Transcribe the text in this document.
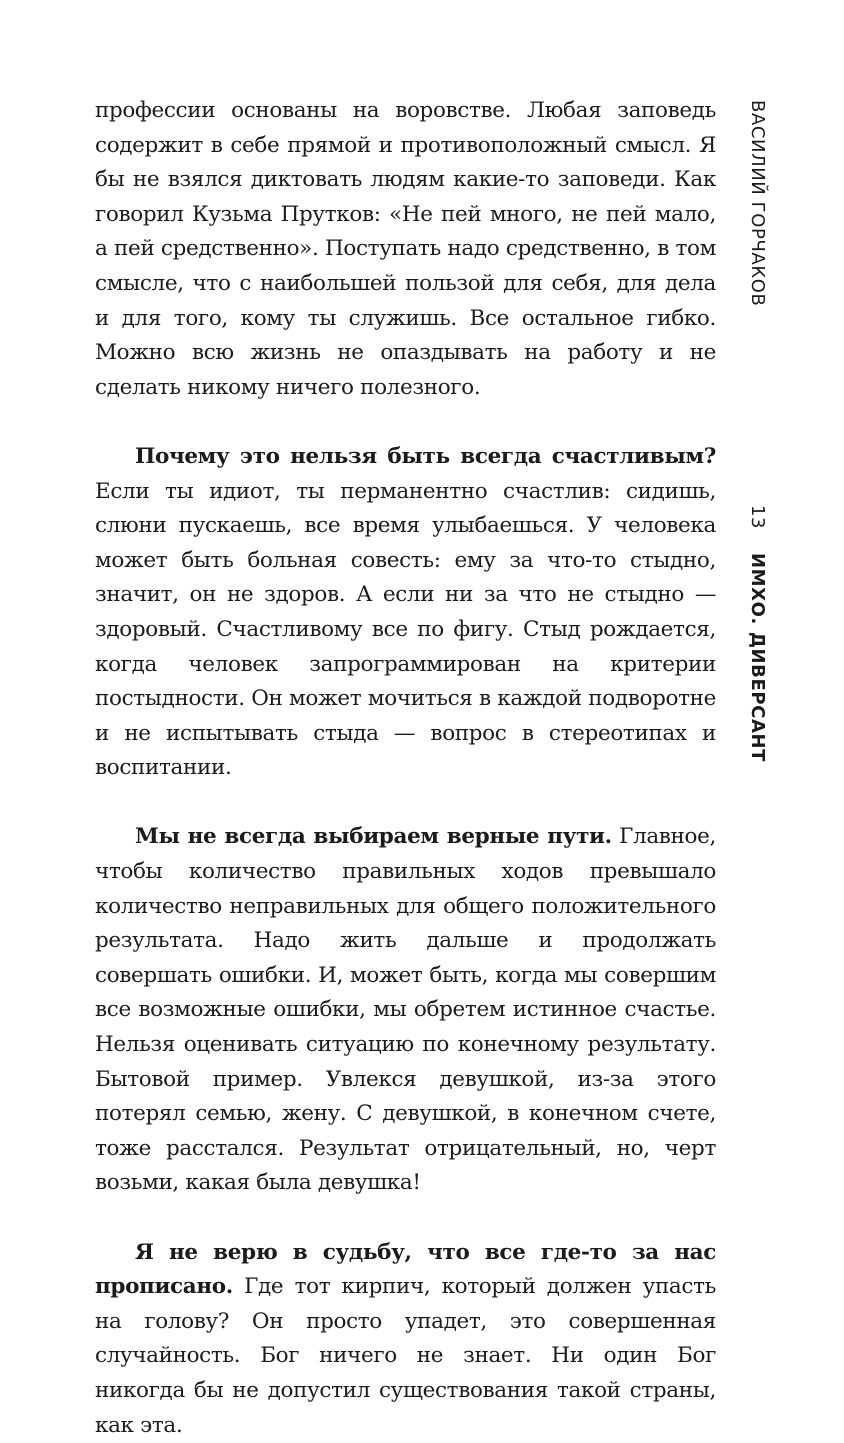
профессии основаны на воровстве. Любая заповедь содержит в себе прямой и противоположный смысл. Я бы не взялся диктовать людям какие-то заповеди. Как говорил Кузьма Прутков: «Не пей много, не пей мало, а пей средственно». Поступать надо средственно, в том смысле, что с наибольшей пользой для себя, для дела и для того, кому ты служишь. Все остальное гибко. Можно всю жизнь не опаздывать на работу и не сделать никому ничего полезного.

Почему это нельзя быть всегда счастливым? Если ты идиот, ты перманентно счастлив: сидишь, слюни пускаешь, все время улыбаешься. У человека может быть больная совесть: ему за что-то стыдно, значит, он не здоров. А если ни за что не стыдно — здоровый. Счастливому все по фигу. Стыд рождается, когда человек запрограммирован на критерии постыдности. Он может мочиться в каждой подворотне и не испытывать стыда — вопрос в стереотипах и воспитании.

Мы не всегда выбираем верные пути. Главное, чтобы количество правильных ходов превышало количество неправильных для общего положительного результата. Надо жить дальше и продолжать совершать ошибки. И, может быть, когда мы совершим все возможные ошибки, мы обретем истинное счастье. Нельзя оценивать ситуацию по конечному результату. Бытовой пример. Увлекся девушкой, из-за этого потерял семью, жену. С девушкой, в конечном счете, тоже расстался. Результат отрицательный, но, черт возьми, какая была девушка!

Я не верю в судьбу, что все где-то за нас прописано. Где тот кирпич, который должен упасть на голову? Он просто упадет, это совершенная случайность. Бог ничего не знает. Ни один Бог никогда бы не допустил существования такой страны, как эта.

ВАСИЛИЙ ГОРЧАКОВ
13
ИМХО. ДИВЕРСАНТ
